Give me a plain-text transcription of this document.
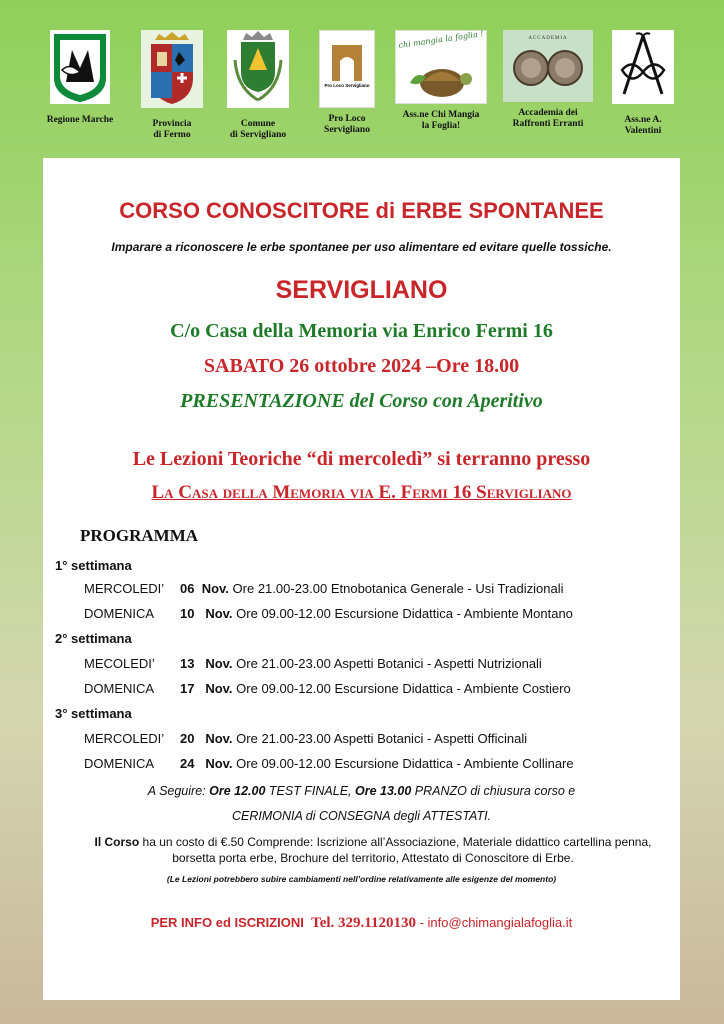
Regione Marche	Provincia
di Fermo
Comune
di Servigliano
Pro Loco Servigliano
Pro Loco
Servigliano
chi mangia la foglia !
Ass.ne Chi Mangia
la Foglia!
ACCADEMIA
Accademia dei
Raffronti Erranti	Ass.ne A.
Valentini
CORSO CONOSCITORE di ERBE SPONTANEE
Imparare a riconoscere le erbe spontanee per uso alimentare ed evitare quelle tossiche.
SERVIGLIANO
C/o Casa della Memoria via Enrico Fermi 16
SABATO 26 ottobre 2024 –Ore 18.00
PRESENTAZIONE del Corso con Aperitivo
Le Lezioni Teoriche “di mercoledì” si terranno presso
La Casa della Memoria via E. Fermi 16 Servigliano
PROGRAMMA
1° settimana
MERCOLEDI’ 06 Nov. Ore 21.00-23.00 Etnobotanica Generale - Usi Tradizionali
DOMENICA 10 Nov. Ore 09.00-12.00 Escursione Didattica - Ambiente Montano
2° settimana
MECOLEDI’ 13 Nov. Ore 21.00-23.00 Aspetti Botanici - Aspetti Nutrizionali
DOMENICA 17 Nov. Ore 09.00-12.00 Escursione Didattica - Ambiente Costiero
3° settimana
MERCOLEDI’ 20 Nov. Ore 21.00-23.00 Aspetti Botanici - Aspetti Officinali
DOMENICA 24 Nov. Ore 09.00-12.00 Escursione Didattica - Ambiente Collinare
A Seguire: Ore 12.00 TEST FINALE, Ore 13.00 PRANZO di chiusura corso e
CERIMONIA di CONSEGNA degli ATTESTATI.
Il Corso ha un costo di €.50 Comprende: Iscrizione all’Associazione, Materiale didattico cartellina penna, borsetta porta erbe, Brochure del territorio, Attestato di Conoscitore di Erbe.
(Le Lezioni potrebbero subire cambiamenti nell’ordine relativamente alle esigenze del momento)
PER INFO ed ISCRIZIONI Tel. 329.1120130 - info@chimangialafoglia.it
